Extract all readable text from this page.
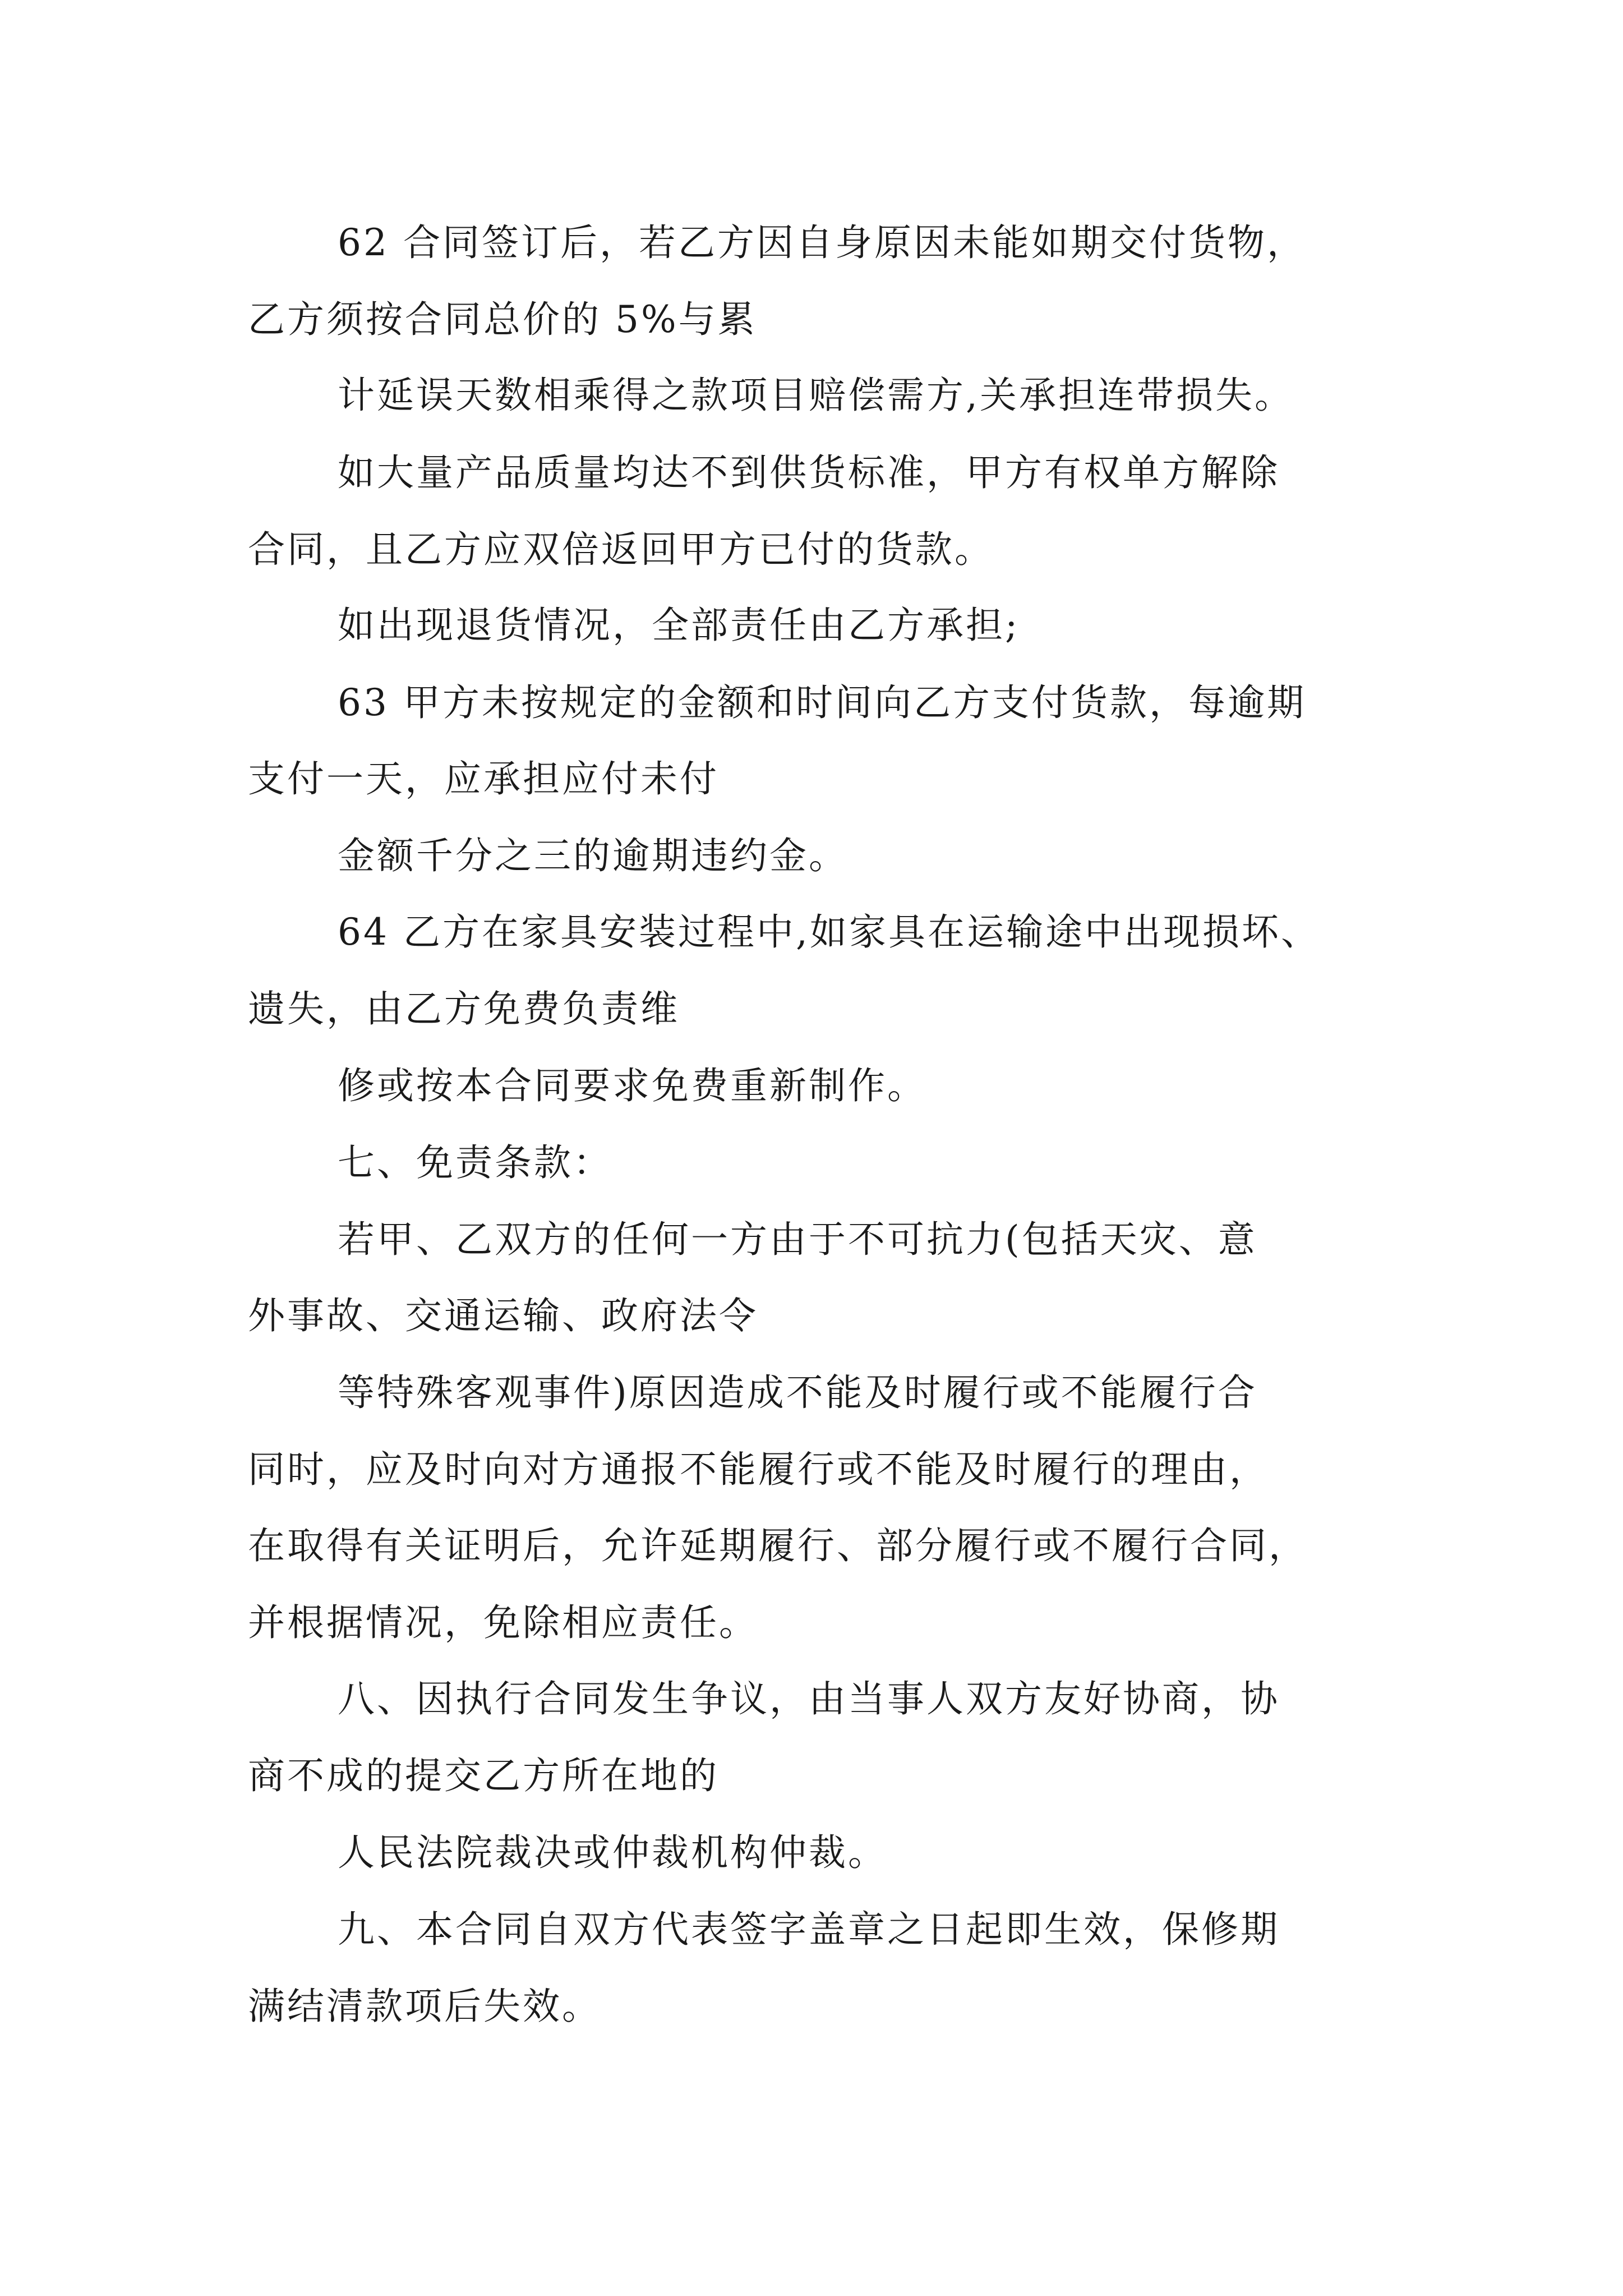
62 合同签订后，若乙方因自身原因未能如期交付货物，
乙方须按合同总价的 5%与累
计延误天数相乘得之款项目赔偿需方,关承担连带损失。
如大量产品质量均达不到供货标准，甲方有权单方解除
合同，且乙方应双倍返回甲方已付的货款。
如出现退货情况，全部责任由乙方承担;
63 甲方未按规定的金额和时间向乙方支付货款，每逾期
支付一天，应承担应付未付
金额千分之三的逾期违约金。
64 乙方在家具安装过程中,如家具在运输途中出现损坏、
遗失，由乙方免费负责维
修或按本合同要求免费重新制作。
七、免责条款：
若甲、乙双方的任何一方由于不可抗力(包括天灾、意
外事故、交通运输、政府法令
等特殊客观事件)原因造成不能及时履行或不能履行合
同时，应及时向对方通报不能履行或不能及时履行的理由，
在取得有关证明后，允许延期履行、部分履行或不履行合同，
并根据情况，免除相应责任。
八、因执行合同发生争议，由当事人双方友好协商，协
商不成的提交乙方所在地的
人民法院裁决或仲裁机构仲裁。
九、本合同自双方代表签字盖章之日起即生效，保修期
满结清款项后失效。
